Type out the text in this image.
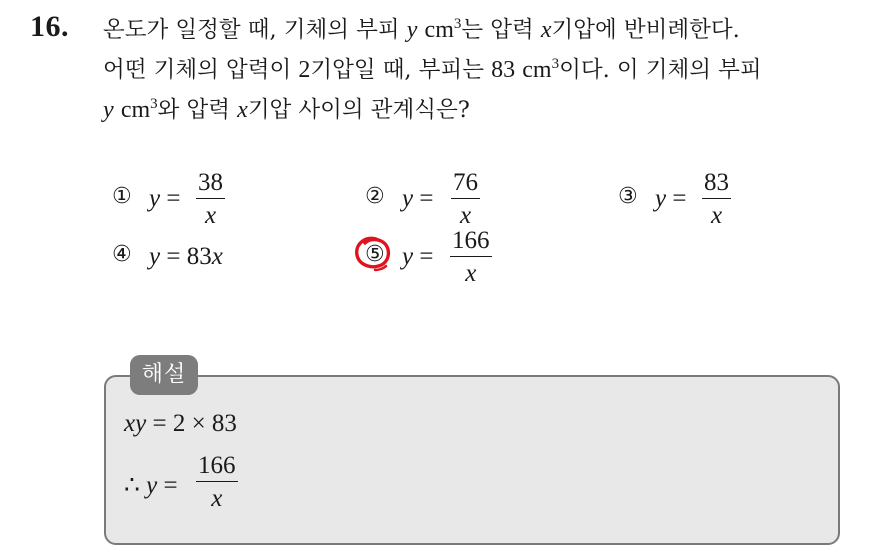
16. 온도가 일정할 때, 기체의 부피 y $cm^3$는 압력 x기압에 반비례한다.
어떤 기체의 압력이 2기압일 때, 부피는 83 $cm^3$이다. 이 기체의 부피
y $cm^3$와 압력 x기압 사이의 관계식은?
① y =
38
x
② y =
76
x
③ y =
83
x
④ y = 83x	⑤ y =
166
x
해설
xy = 2 × 83
∴ y =
166
x
